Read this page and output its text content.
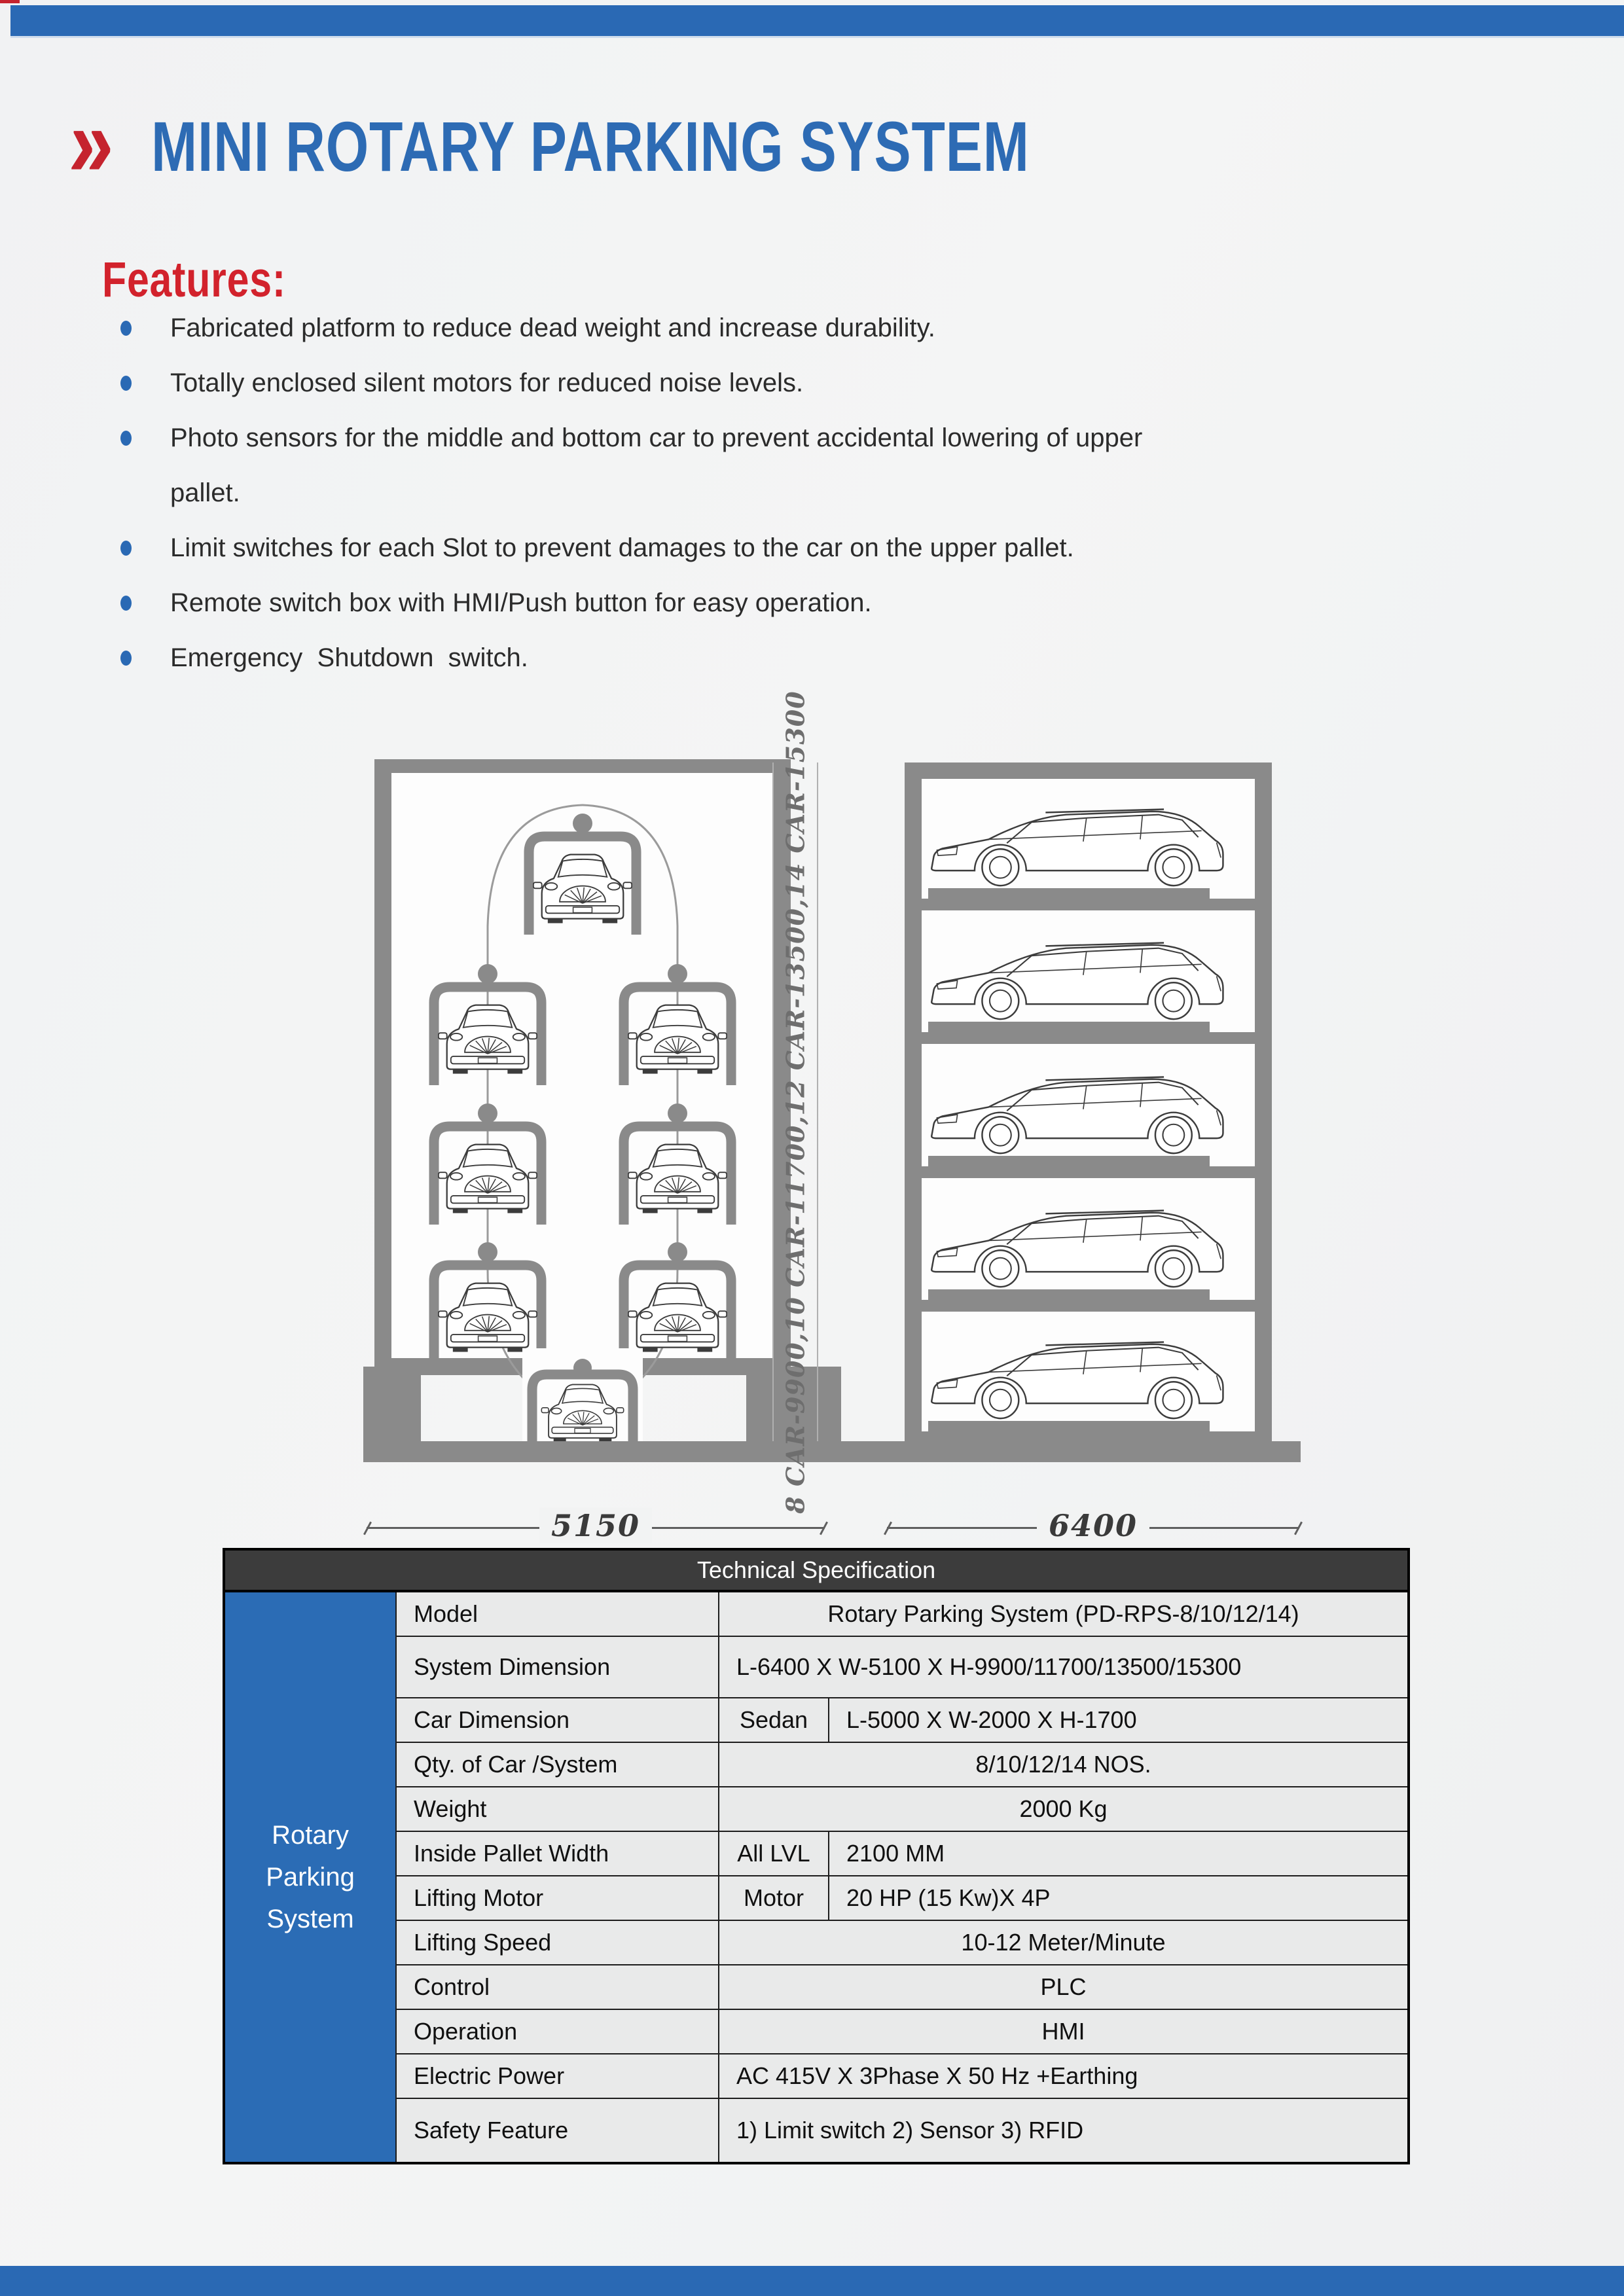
» MINI ROTARY PARKING SYSTEM
Features:
Fabricated platform to reduce dead weight and increase durability.
Totally enclosed silent motors for reduced noise levels.
Photo sensors for the middle and bottom car to prevent accidental lowering of upper pallet.
Limit switches for each Slot to prevent damages to the car on the upper pallet.
Remote switch box with HMI/Push button for easy operation.
Emergency  Shutdown  switch.
8 CAR-9900,10 CAR-11700,12 CAR-13500,14 CAR-15300
5150	6400
Technical Specification			
Rotary Parking System	Model	Rotary Parking System (PD-RPS-8/10/12/14)	
	System Dimension	L-6400 X W-5100 X H-9900/11700/13500/15300	
	Car Dimension	Sedan	L-5000 X W-2000 X H-1700
	Qty. of Car /System	8/10/12/14 NOS.	
	Weight	2000 Kg	
	Inside Pallet Width	All LVL	2100 MM
	Lifting Motor	Motor	20 HP (15 Kw)X 4P
	Lifting Speed	10-12 Meter/Minute	
	Control	PLC	
	Operation	HMI	
	Electric Power	AC 415V X 3Phase X 50 Hz +Earthing	
	Safety Feature	1) Limit switch 2) Sensor 3) RFID	
